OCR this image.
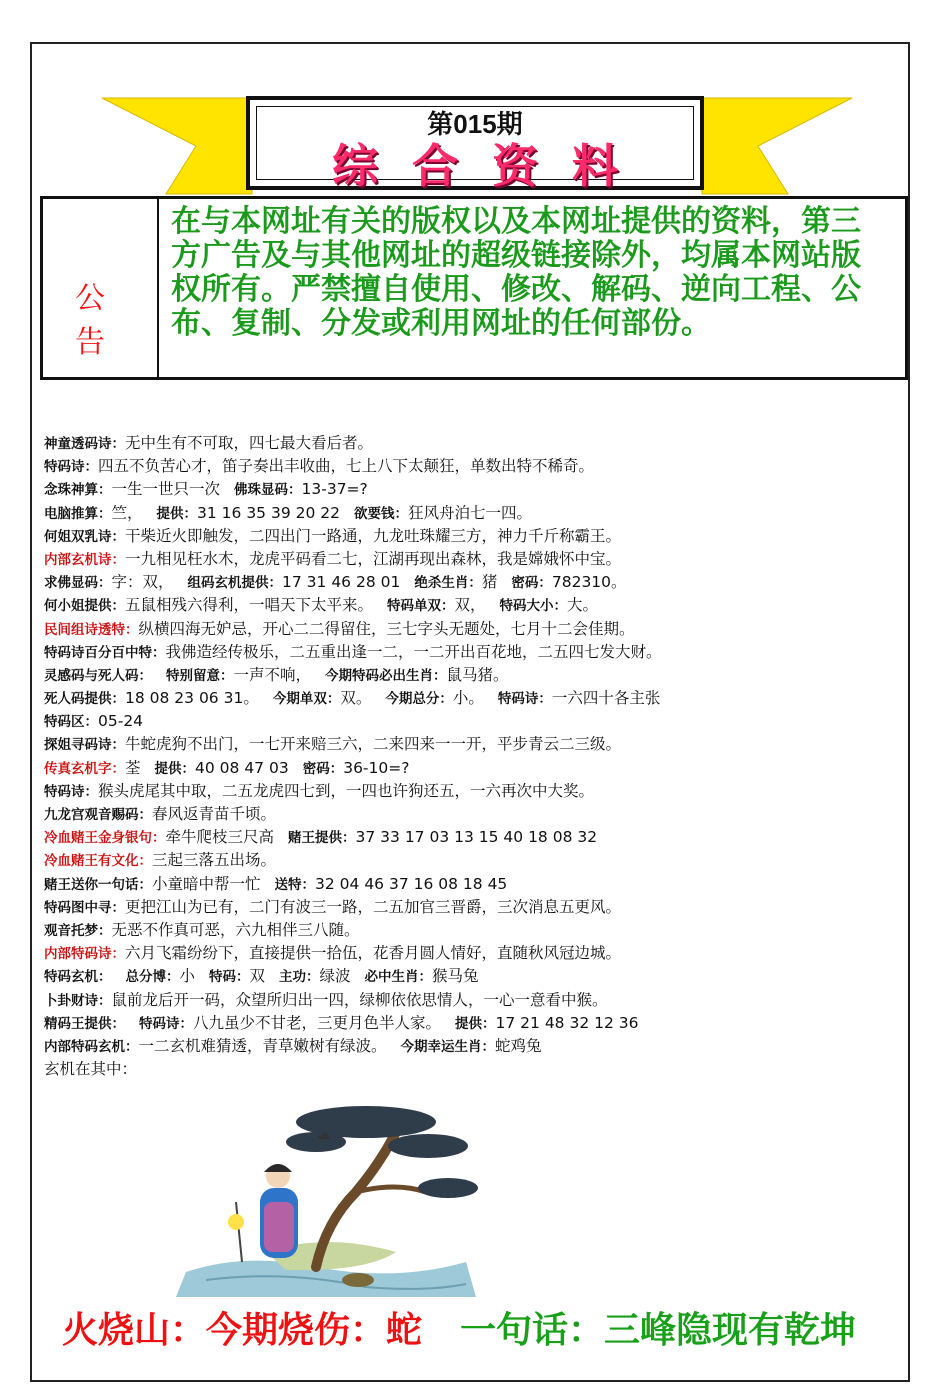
第015期
综合资料
公告
在与本网址有关的版权以及本网址提供的资料，第三方广告及与其他网址的超级链接除外，均属本网站版权所有。严禁擅自使用、修改、解码、逆向工程、公布、复制、分发或利用网址的任何部份。
神童透码诗：无中生有不可取，四七最大看后者。
特码诗：四五不负苦心才，笛子奏出丰收曲，七上八下太颠狂，单数出特不稀奇。
念珠神算：一生一世只一次 佛珠显码：13-37=?
电脑推算：竺， 提供：31 16 35 39 20 22 欲要钱：狂风舟泊七一四。
何姐双乳诗：干柴近火即触发，二四出门一路通，九龙吐珠耀三方，神力千斤称霸王。
内部玄机诗：一九相见枉水木，龙虎平码看二七，江湖再现出森林，我是嫦娥怀中宝。
求佛显码：字：双， 组码玄机提供：17 31 46 28 01 绝杀生肖：猪 密码：782310。
何小姐提供：五鼠相残六得利，一唱天下太平来。 特码单双：双， 特码大小：大。
民间组诗透特：纵横四海无妒忌，开心二二得留住，三七字头无题处，七月十二会佳期。
特码诗百分百中特：我佛造经传极乐，二五重出逢一二，一二开出百花地，二五四七发大财。
灵感码与死人码： 特别留意：一声不响， 今期特码必出生肖：鼠马猪。
死人码提供：18 08 23 06 31。 今期单双：双。 今期总分：小。 特码诗：一六四十各主张
特码区：05-24
探姐寻码诗：牛蛇虎狗不出门，一七开来赔三六，二来四来一一开，平步青云二三级。
传真玄机字：荃 提供：40 08 47 03 密码：36-10=?
特码诗：猴头虎尾其中取，二五龙虎四七到，一四也许狗还五，一六再次中大奖。
九龙宫观音赐码：春风返青苗千顷。
冷血赌王金身银句：牵牛爬枝三尺高 赌王提供：37 33 17 03 13 15 40 18 08 32
冷血赌王有文化：三起三落五出场。
赌王送你一句话：小童暗中帮一忙 送特：32 04 46 37 16 08 18 45
特码图中寻：更把江山为已有，二门有波三一路，二五加官三晋爵，三次消息五更风。
观音托梦：无恶不作真可恶，六九相伴三八随。
内部特码诗：六月飞霜纷纷下，直接提供一拾伍，花香月圆人情好，直随秋风冠边城。
特码玄机： 总分博：小 特码：双 主功：绿波 必中生肖：猴马兔
卜卦财诗：鼠前龙后开一码，众望所归出一四，绿柳依依思情人，一心一意看中猴。
精码王提供： 特码诗：八九虽少不甘老，三更月色半人家。 提供：17 21 48 32 12 36
内部特码玄机：一二玄机难猜透，青草嫩树有绿波。 今期幸运生肖：蛇鸡兔
玄机在其中：
火烧山：今期烧伤：蛇 一句话：三峰隐现有乾坤
